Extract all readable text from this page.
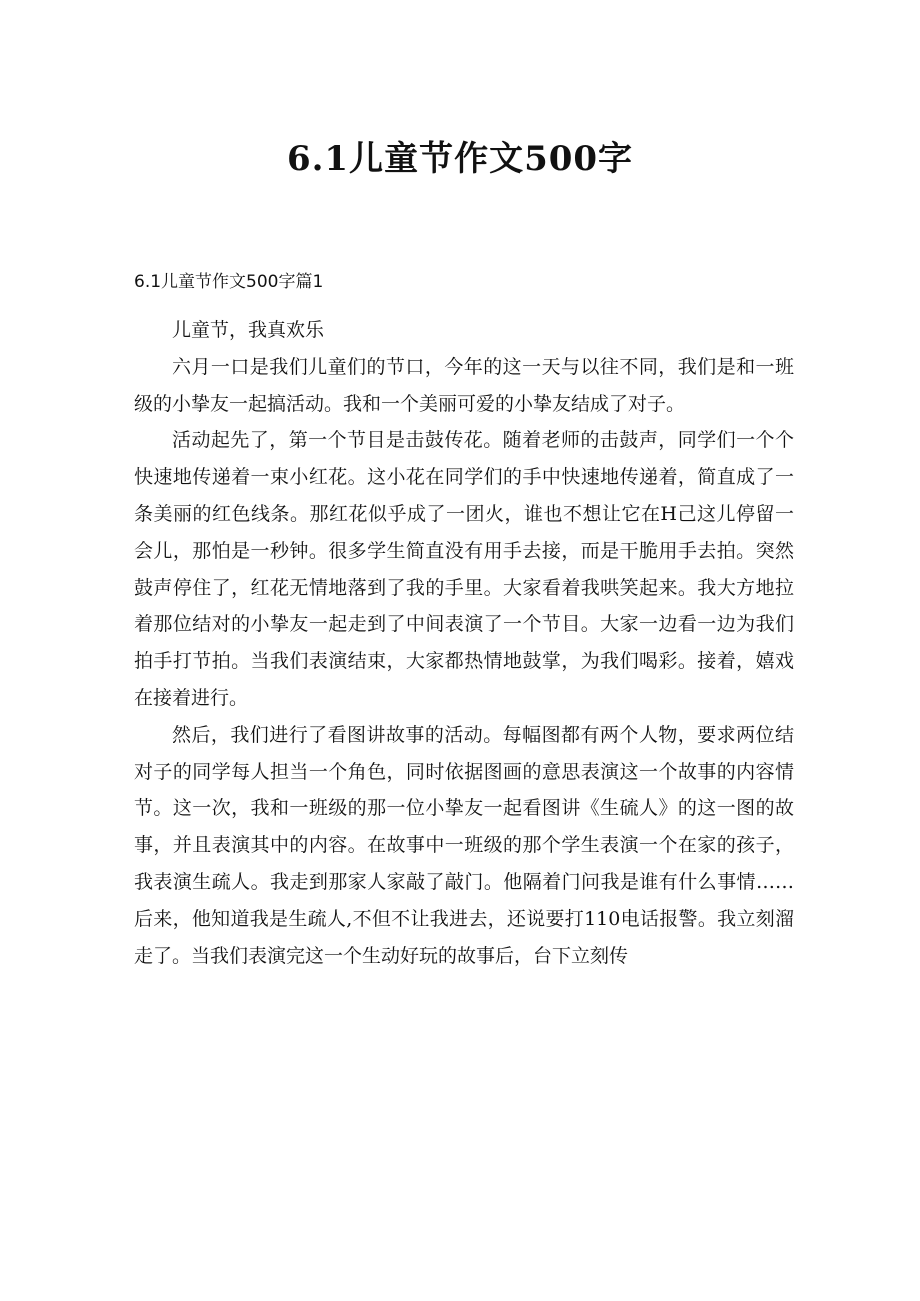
6.1儿童节作文500字
6.1儿童节作文500字篇1

儿童节，我真欢乐

六月一口是我们儿童们的节口，今年的这一天与以往不同，我们是和一班级的小挚友一起搞活动。我和一个美丽可爱的小挚友结成了对子。

活动起先了，第一个节目是击鼓传花。随着老师的击鼓声，同学们一个个快速地传递着一束小红花。这小花在同学们的手中快速地传递着，简直成了一条美丽的红色线条。那红花似乎成了一团火，谁也不想让它在H己这儿停留一会儿，那怕是一秒钟。很多学生简直没有用手去接，而是干脆用手去拍。突然鼓声停住了，红花无情地落到了我的手里。大家看着我哄笑起来。我大方地拉着那位结对的小挚友一起走到了中间表演了一个节目。大家一边看一边为我们拍手打节拍。当我们表演结束，大家都热情地鼓掌，为我们喝彩。接着，嬉戏在接着进行。

然后，我们进行了看图讲故事的活动。每幅图都有两个人物，要求两位结对子的同学每人担当一个角色，同时依据图画的意思表演这一个故事的内容情节。这一次，我和一班级的那一位小挚友一起看图讲《生硫人》的这一图的故事，并且表演其中的内容。在故事中一班级的那个学生表演一个在家的孩子，我表演生疏人。我走到那家人家敲了敲门。他隔着门问我是谁有什么事情……后来，他知道我是生疏人,不但不让我进去，还说要打110电话报警。我立刻溜走了。当我们表演完这一个生动好玩的故事后，台下立刻传
